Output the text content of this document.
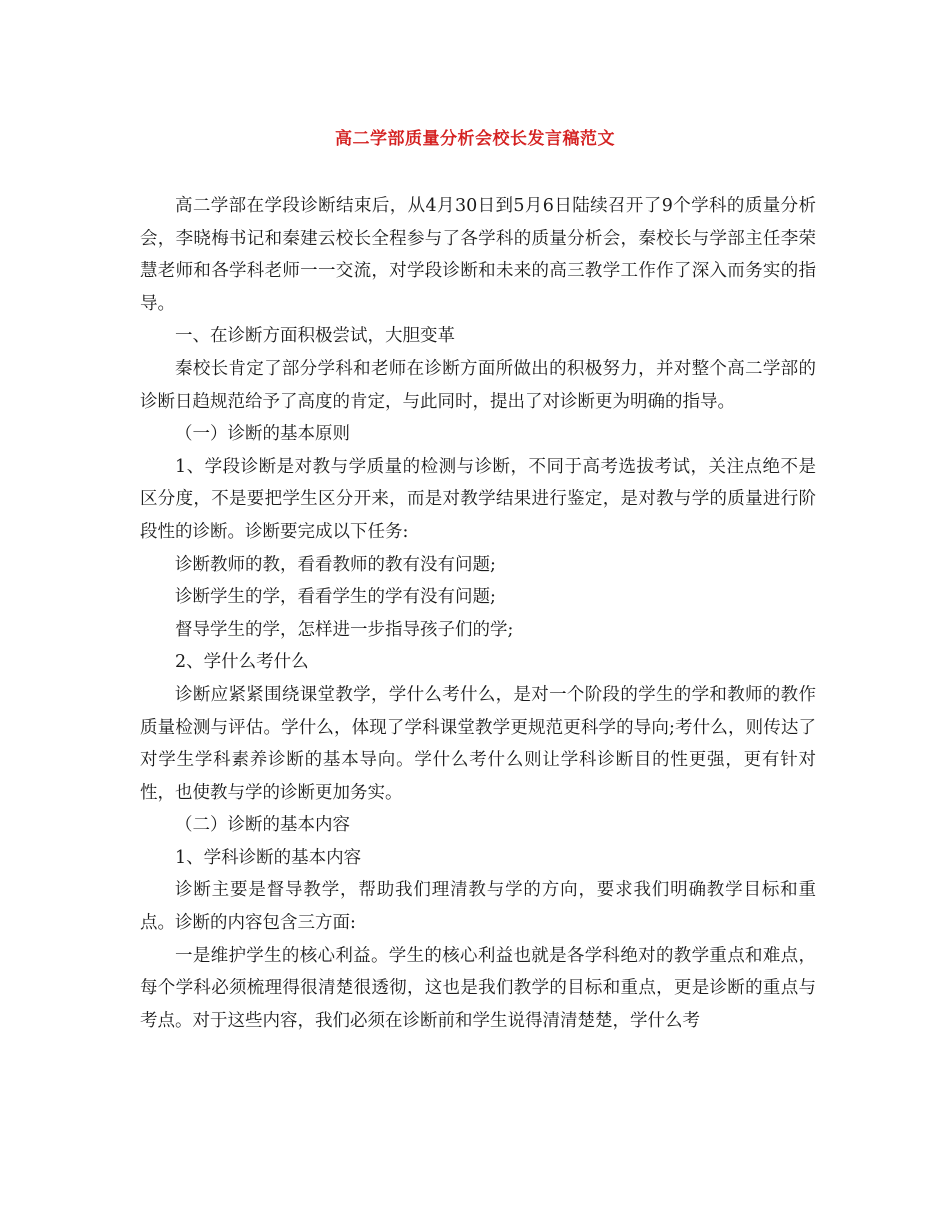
高二学部质量分析会校长发言稿范文

高二学部在学段诊断结束后，从4月30日到5月6日陆续召开了9个学科的质量分析会，李晓梅书记和秦建云校长全程参与了各学科的质量分析会，秦校长与学部主任李荣慧老师和各学科老师一一交流，对学段诊断和未来的高三教学工作作了深入而务实的指导。

一、在诊断方面积极尝试，大胆变革

秦校长肯定了部分学科和老师在诊断方面所做出的积极努力，并对整个高二学部的诊断日趋规范给予了高度的肯定，与此同时，提出了对诊断更为明确的指导。

（一）诊断的基本原则

1、学段诊断是对教与学质量的检测与诊断，不同于高考选拔考试，关注点绝不是区分度，不是要把学生区分开来，而是对教学结果进行鉴定，是对教与学的质量进行阶段性的诊断。诊断要完成以下任务:

诊断教师的教，看看教师的教有没有问题;

诊断学生的学，看看学生的学有没有问题;

督导学生的学，怎样进一步指导孩子们的学;

2、学什么考什么

诊断应紧紧围绕课堂教学，学什么考什么，是对一个阶段的学生的学和教师的教作质量检测与评估。学什么，体现了学科课堂教学更规范更科学的导向;考什么，则传达了对学生学科素养诊断的基本导向。学什么考什么则让学科诊断目的性更强，更有针对性，也使教与学的诊断更加务实。

（二）诊断的基本内容

1、学科诊断的基本内容

诊断主要是督导教学，帮助我们理清教与学的方向，要求我们明确教学目标和重点。诊断的内容包含三方面:

一是维护学生的核心利益。学生的核心利益也就是各学科绝对的教学重点和难点，每个学科必须梳理得很清楚很透彻，这也是我们教学的目标和重点，更是诊断的重点与考点。对于这些内容，我们必须在诊断前和学生说得清清楚楚，学什么考
